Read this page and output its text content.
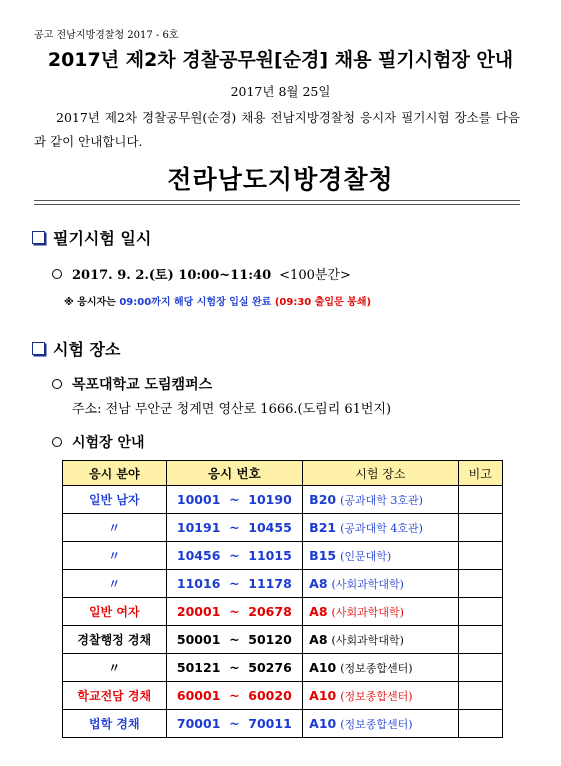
공고 전남지방경찰청 2017 - 6호
2017년 제2차 경찰공무원[순경] 채용 필기시험장 안내
2017년 8월 25일
2017년 제2차 경찰공무원(순경) 채용 전남지방경찰청 응시자 필기시험 장소를 다음과 같이 안내합니다.
전라남도지방경찰청
필기시험 일시
2017. 9. 2.(토) 10:00~11:40 <100분간>
※ 응시자는 09:00까지 해당 시험장 입실 완료 (09:30 출입문 봉쇄)
시험 장소
목포대학교 도림캠퍼스
주소: 전남 무안군 청계면 영산로 1666.(도림리 61번지)
시험장 안내
응시 분야	응시 번호	시험 장소	비고
일반 남자	10001  ~  10190	B20 (공과대학 3호관)	
〃	10191  ~  10455	B21 (공과대학 4호관)	
〃	10456  ~  11015	B15 (인문대학)	
〃	11016  ~  11178	A8 (사회과학대학)	
일반 여자	20001  ~  20678	A8 (사회과학대학)	
경찰행정 경채	50001  ~  50120	A8 (사회과학대학)	
〃	50121  ~  50276	A10 (정보종합센터)	
학교전담 경채	60001  ~  60020	A10 (정보종합센터)	
법학 경채	70001  ~  70011	A10 (정보종합센터)	
